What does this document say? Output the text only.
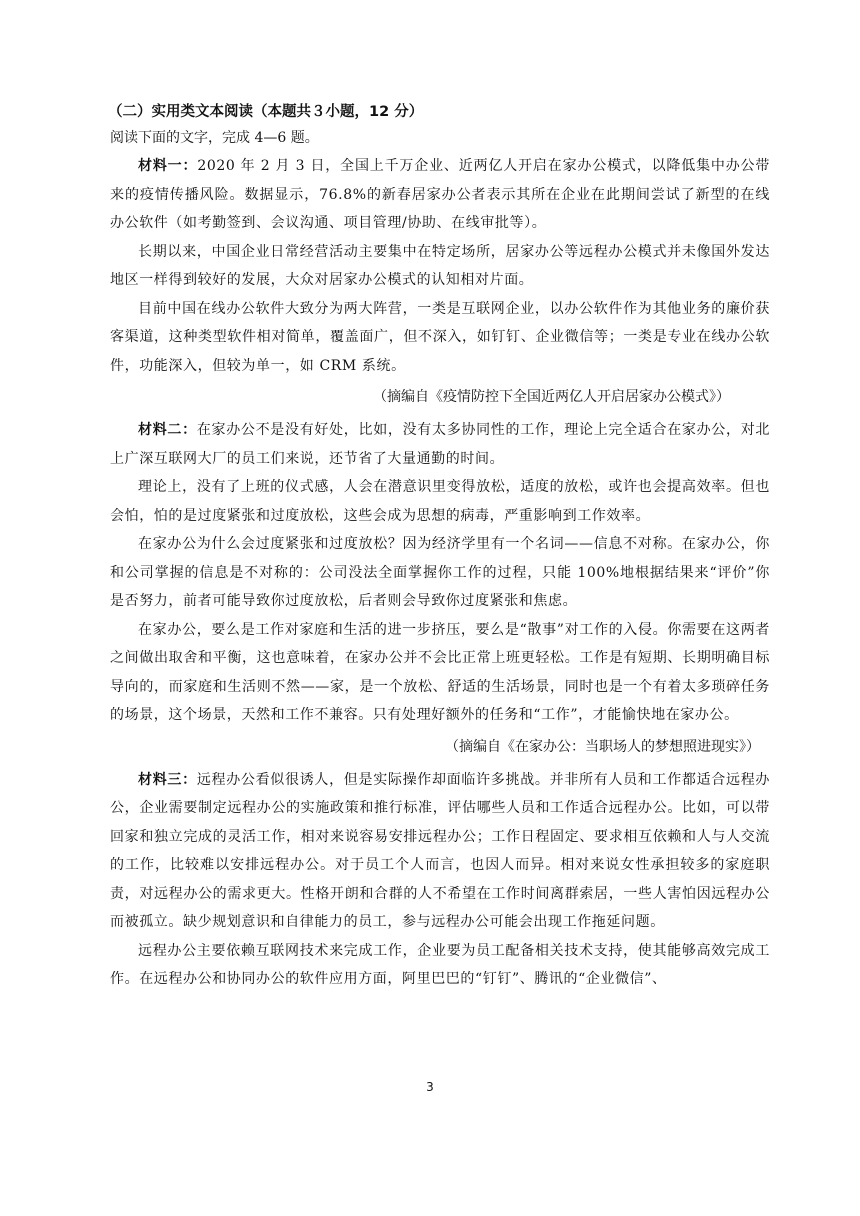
（二）实用类文本阅读（本题共３小题，12 分）
阅读下面的文字，完成 4—6 题。

材料一：2020 年 2 月 3 日，全国上千万企业、近两亿人开启在家办公模式，以降低集中办公带来的疫情传播风险。数据显示，76.8%的新春居家办公者表示其所在企业在此期间尝试了新型的在线办公软件（如考勤签到、会议沟通、项目管理/协助、在线审批等）。

长期以来，中国企业日常经营活动主要集中在特定场所，居家办公等远程办公模式并未像国外发达地区一样得到较好的发展，大众对居家办公模式的认知相对片面。

目前中国在线办公软件大致分为两大阵营，一类是互联网企业，以办公软件作为其他业务的廉价获客渠道，这种类型软件相对简单，覆盖面广，但不深入，如钉钉、企业微信等；一类是专业在线办公软件，功能深入，但较为单一，如 CRM 系统。

（摘编自《疫情防控下全国近两亿人开启居家办公模式》）

材料二：在家办公不是没有好处，比如，没有太多协同性的工作，理论上完全适合在家办公，对北上广深互联网大厂的员工们来说，还节省了大量通勤的时间。

理论上，没有了上班的仪式感，人会在潜意识里变得放松，适度的放松，或许也会提高效率。但也会怕，怕的是过度紧张和过度放松，这些会成为思想的病毒，严重影响到工作效率。

在家办公为什么会过度紧张和过度放松？因为经济学里有一个名词——信息不对称。在家办公，你和公司掌握的信息是不对称的：公司没法全面掌握你工作的过程，只能 100%地根据结果来“评价”你是否努力，前者可能导致你过度放松，后者则会导致你过度紧张和焦虑。

在家办公，要么是工作对家庭和生活的进一步挤压，要么是“散事”对工作的入侵。你需要在这两者之间做出取舍和平衡，这也意味着，在家办公并不会比正常上班更轻松。工作是有短期、长期明确目标导向的，而家庭和生活则不然——家，是一个放松、舒适的生活场景，同时也是一个有着太多琐碎任务的场景，这个场景，天然和工作不兼容。只有处理好额外的任务和“工作”，才能愉快地在家办公。

（摘编自《在家办公：当职场人的梦想照进现实》）

材料三：远程办公看似很诱人，但是实际操作却面临许多挑战。并非所有人员和工作都适合远程办公，企业需要制定远程办公的实施政策和推行标准，评估哪些人员和工作适合远程办公。比如，可以带回家和独立完成的灵活工作，相对来说容易安排远程办公；工作日程固定、要求相互依赖和人与人交流的工作，比较难以安排远程办公。对于员工个人而言，也因人而异。相对来说女性承担较多的家庭职责，对远程办公的需求更大。性格开朗和合群的人不希望在工作时间离群索居，一些人害怕因远程办公而被孤立。缺少规划意识和自律能力的员工，参与远程办公可能会出现工作拖延问题。

远程办公主要依赖互联网技术来完成工作，企业要为员工配备相关技术支持，使其能够高效完成工作。在远程办公和协同办公的软件应用方面，阿里巴巴的“钉钉”、腾讯的“企业微信”、

3
